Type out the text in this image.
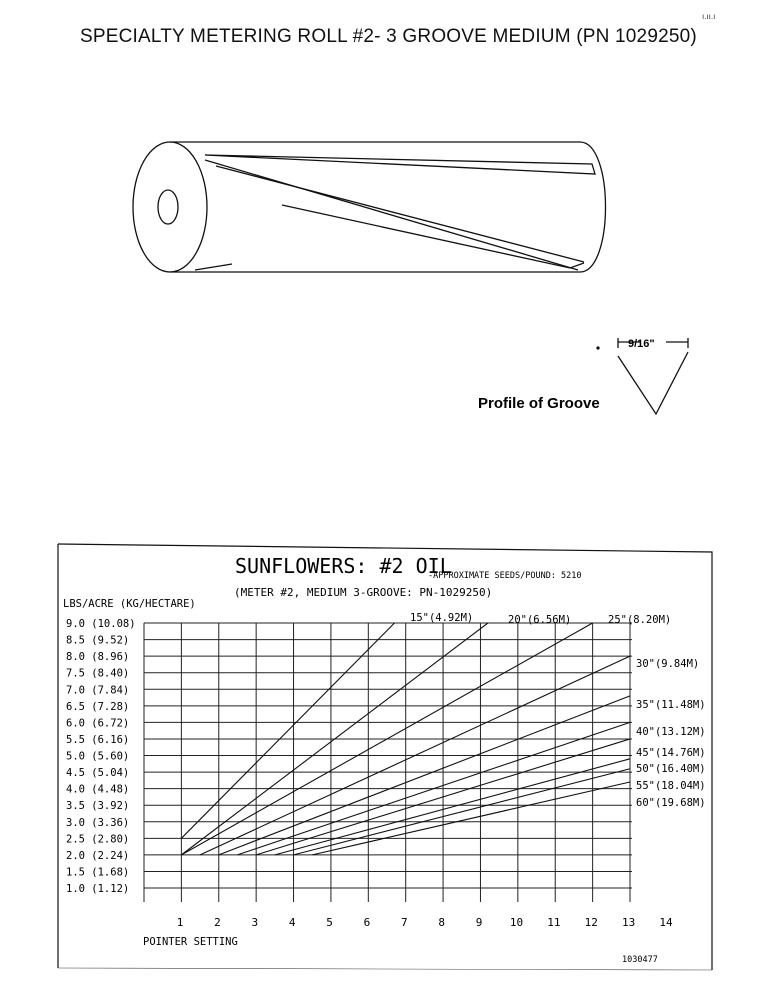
SPECIALTY METERING ROLL #2- 3 GROOVE MEDIUM (PN 1029250)
ı.ıı.ı
9/16"
Profile of Groove
SUNFLOWERS: #2 OIL
-APPROXIMATE SEEDS/POUND: 5210
(METER #2, MEDIUM 3-GROOVE: PN-1029250)
LBS/ACRE (KG/HECTARE)
POINTER SETTING
1030477
1.0 (1.12)
1.5 (1.68)
2.0 (2.24)
2.5 (2.80)
3.0 (3.36)
3.5 (3.92)
4.0 (4.48)
4.5 (5.04)
5.0 (5.60)
5.5 (6.16)
6.0 (6.72)
6.5 (7.28)
7.0 (7.84)
7.5 (8.40)
8.0 (8.96)
8.5 (9.52)
9.0 (10.08)
1	2	3	4	5	6	7	8	9 10 11 12 13 14
15"(4.92M)	20"(6.56M)	25"(8.20M)
30"(9.84M)
35"(11.48M)
40"(13.12M)
45"(14.76M)
50"(16.40M)
55"(18.04M)
60"(19.68M)
